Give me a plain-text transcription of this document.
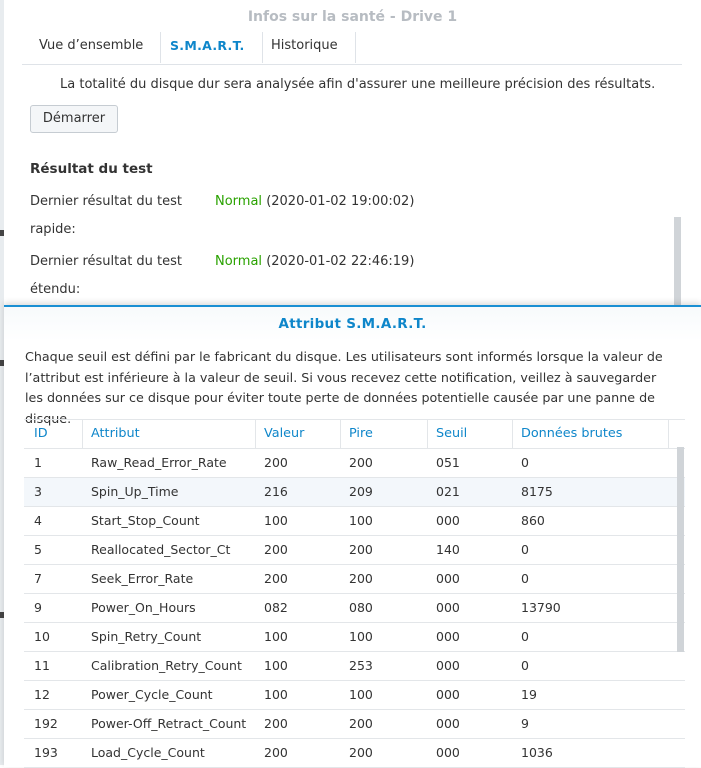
Infos sur la santé - Drive 1
Vue d’ensemble	S.M.A.R.T.	Historique
La totalité du disque dur sera analysée afin d'assurer une meilleure précision des résultats.
Démarrer
Résultat du test
Dernier résultat du test
rapide:
Normal (2020-01-02 19:00:02)
Dernier résultat du test
étendu:
Normal (2020-01-02 22:46:19)
Attribut S.M.A.R.T.
Chaque seuil est défini par le fabricant du disque. Les utilisateurs sont informés lorsque la valeur de l’attribut est inférieure à la valeur de seuil. Si vous recevez cette notification, veillez à sauvegarder les données sur ce disque pour éviter toute perte de données potentielle causée par une panne de disque.
ID	Attribut	Valeur	Pire	Seuil	Données brutes
1	Raw_Read_Error_Rate	200	200	051	0
3	Spin_Up_Time	216	209	021	8175
4	Start_Stop_Count	100	100	000	860
5	Reallocated_Sector_Ct	200	200	140	0
7	Seek_Error_Rate	200	200	000	0
9	Power_On_Hours	082	080	000	13790
10	Spin_Retry_Count	100	100	000	0
11	Calibration_Retry_Count 100	253	000	0
12	Power_Cycle_Count	100	100	000	19
192	Power-Off_Retract_Count 200	200	000	9
193	Load_Cycle_Count	200	200	000	1036
